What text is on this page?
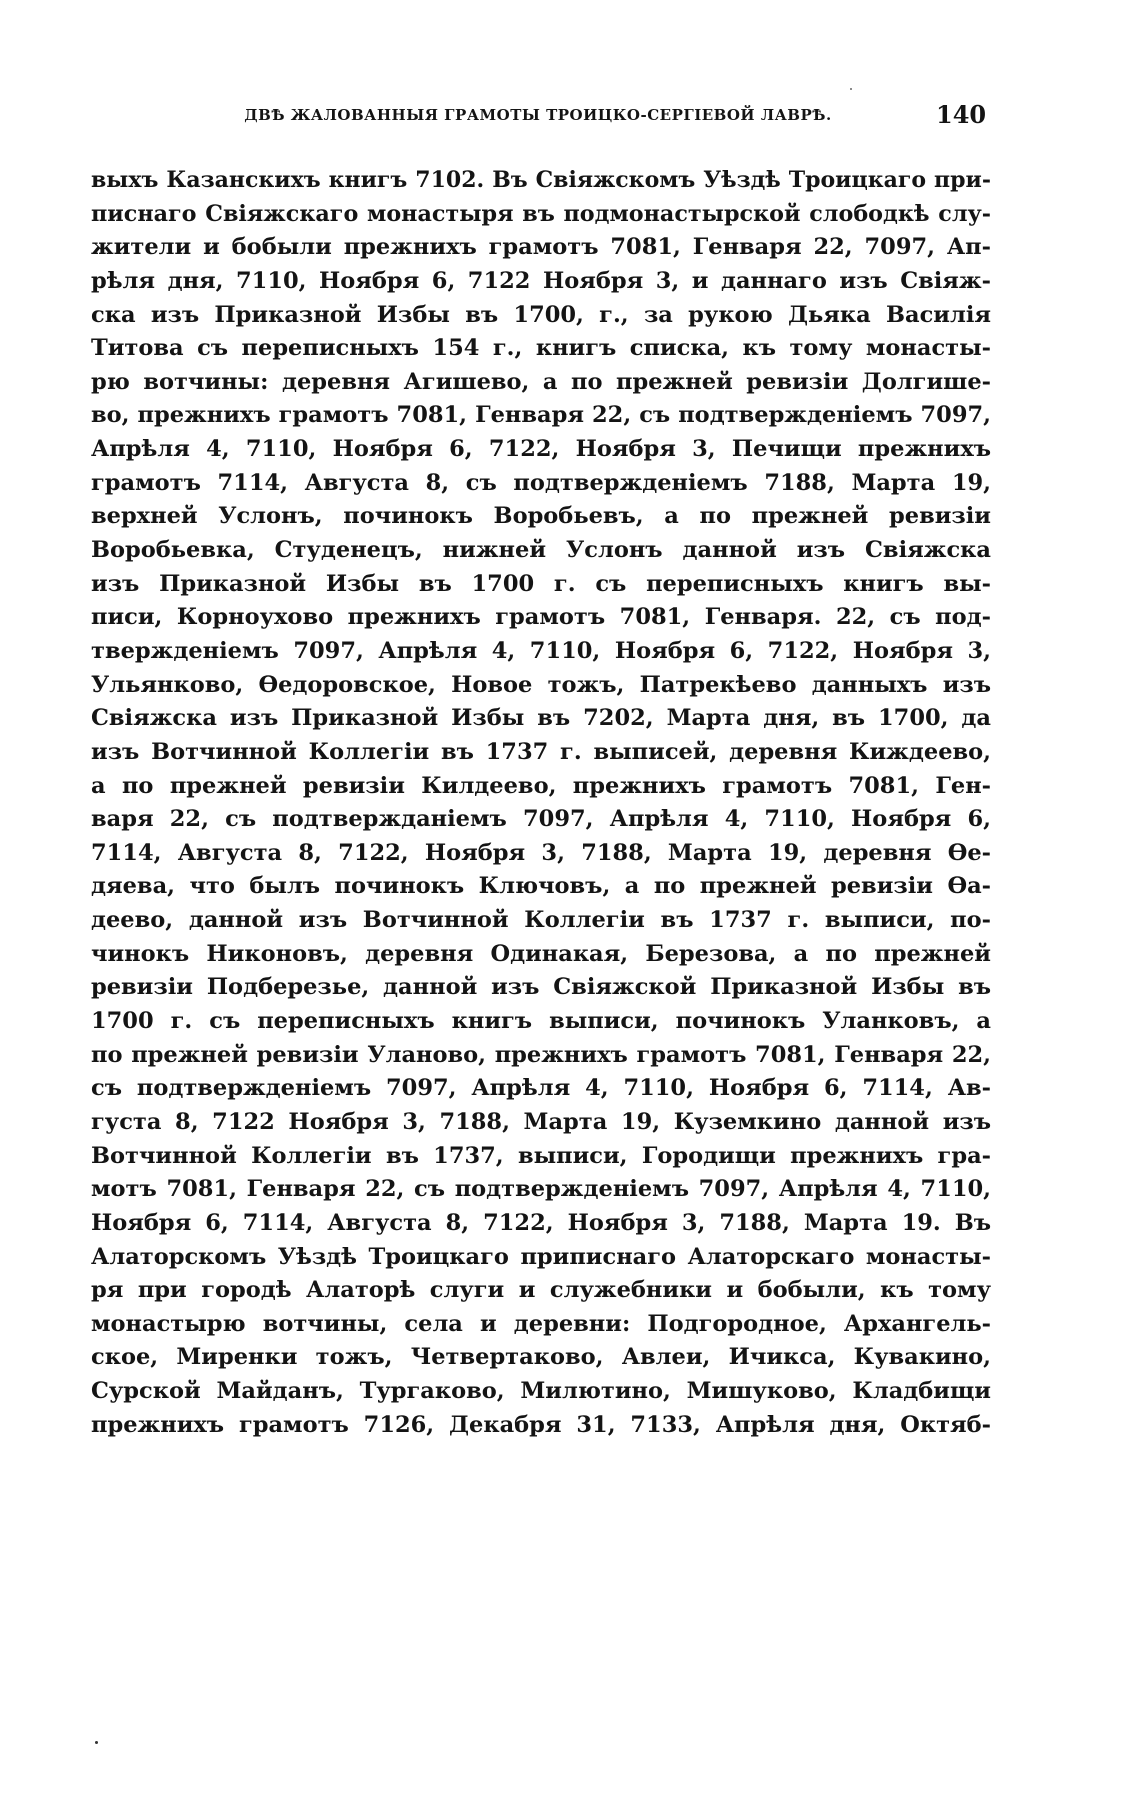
ДВѢ ЖАЛОВАННЫЯ ГРАМОТЫ ТРОИЦКО-СЕРГІЕВОЙ ЛАВРѢ.	140
выхъ Казанскихъ книгъ 7102. Въ Свіяжскомъ Уѣздѣ Троицкаго при-
писнаго Свіяжскаго монастыря въ подмонастырской слободкѣ слу-
жители и бобыли прежнихъ грамотъ 7081, Генваря 22, 7097, Ап-
рѣля дня, 7110, Ноября 6, 7122 Ноября 3, и даннаго изъ Свіяж-
ска изъ Приказной Избы въ 1700, г., за рукою Дьяка Василія
Титова съ переписныхъ 154 г., книгъ списка, къ тому монасты-
рю вотчины: деревня Агишево, а по прежней ревизіи Долгише-
во, прежнихъ грамотъ 7081, Генваря 22, съ подтвержденіемъ 7097,
Апрѣля 4, 7110, Ноября 6, 7122, Ноября 3, Печищи прежнихъ
грамотъ 7114, Августа 8, съ подтвержденіемъ 7188, Марта 19,
верхней Услонъ, починокъ Воробьевъ, а по прежней ревизіи
Воробьевка, Студенецъ, нижней Услонъ данной изъ Свіяжска
изъ Приказной Избы въ 1700 г. съ переписныхъ книгъ вы-
писи, Корноухово прежнихъ грамотъ 7081, Генваря. 22, съ под-
твержденіемъ 7097, Апрѣля 4, 7110, Ноября 6, 7122, Ноября 3,
Ульянково, Ѳедоровское, Новое тожъ, Патрекѣево данныхъ изъ
Свіяжска изъ Приказной Избы въ 7202, Марта дня, въ 1700, да
изъ Вотчинной Коллегіи въ 1737 г. выписей, деревня Киждеево,
а по прежней ревизіи Килдеево, прежнихъ грамотъ 7081, Ген-
варя 22, съ подтвержданіемъ 7097, Апрѣля 4, 7110, Ноября 6,
7114, Августа 8, 7122, Ноября 3, 7188, Марта 19, деревня Ѳе-
дяева, что былъ починокъ Ключовъ, а по прежней ревизіи Ѳа-
деево, данной изъ Вотчинной Коллегіи въ 1737 г. выписи, по-
чинокъ Никоновъ, деревня Одинакая, Березова, а по прежней
ревизіи Подберезье, данной изъ Свіяжской Приказной Избы въ
1700 г. съ переписныхъ книгъ выписи, починокъ Уланковъ, а
по прежней ревизіи Уланово, прежнихъ грамотъ 7081, Генваря 22,
съ подтвержденіемъ 7097, Апрѣля 4, 7110, Ноября 6, 7114, Ав-
густа 8, 7122 Ноября 3, 7188, Марта 19, Куземкино данной изъ
Вотчинной Коллегіи въ 1737, выписи, Городищи прежнихъ гра-
мотъ 7081, Генваря 22, съ подтвержденіемъ 7097, Апрѣля 4, 7110,
Ноября 6, 7114, Августа 8, 7122, Ноября 3, 7188, Марта 19. Въ
Алаторскомъ Уѣздѣ Троицкаго приписнаго Алаторскаго монасты-
ря при городѣ Алаторѣ слуги и служебники и бобыли, къ тому
монастырю вотчины, села и деревни: Подгородное, Архангель-
ское, Миренки тожъ, Четвертаково, Авлеи, Ичикса, Кувакино,
Сурской Майданъ, Тургаково, Милютино, Мишуково, Кладбищи
прежнихъ грамотъ 7126, Декабря 31, 7133, Апрѣля дня, Октяб-
